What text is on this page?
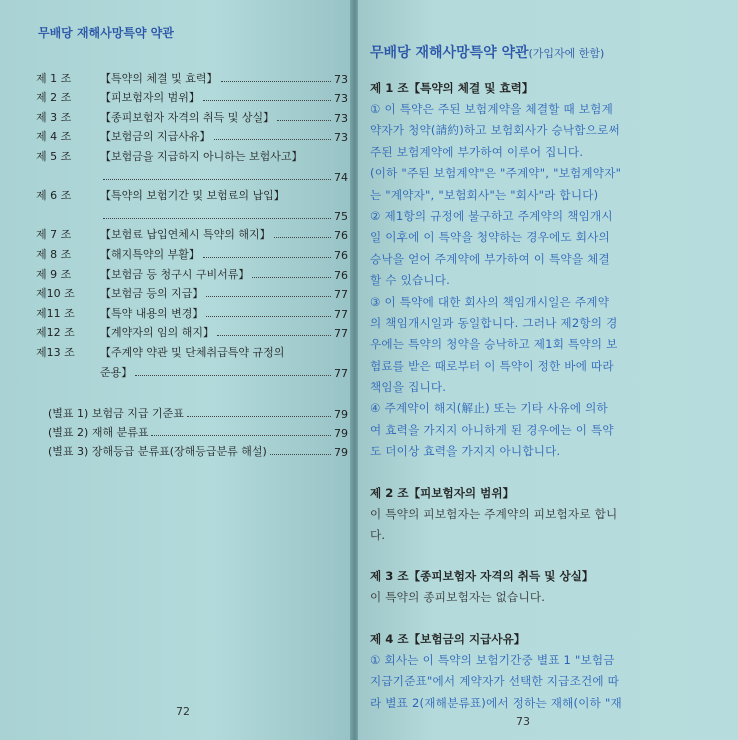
무배당 재해사망특약 약관
제 1 조	【특약의 체결 및 효력】	73
제 2 조	【피보험자의 범위】	73
제 3 조	【종피보험자 자격의 취득 및 상실】	73
제 4 조	【보험금의 지급사유】	73
제 5 조	【보험금을 지급하지 아니하는 보험사고】
74
제 6 조	【특약의 보험기간 및 보험료의 납입】
75
제 7 조	【보험료 납입연체시 특약의 해지】	76
제 8 조	【해지특약의 부활】	76
제 9 조	【보험금 등 청구시 구비서류】	76
제10 조	【보험금 등의 지급】	77
제11 조	【특약 내용의 변경】	77
제12 조	【계약자의 임의 해지】	77
제13 조	【주계약 약관 및 단체취급특약 규정의
준용】	77
(별표 1) 보험금 지급 기준표	79
(별표 2) 재해 분류표	79
(별표 3) 장해등급 분류표(장해등급분류 해설)	79
72
무배당 재해사망특약 약관(가입자에 한함)
제 1 조【특약의 체결 및 효력】
① 이 특약은 주된 보험계약을 체결할 때 보험계
약자가 청약(請約)하고 보험회사가 승낙함으로써
주된 보험계약에 부가하여 이루어 집니다.
(이하 "주된 보험계약"은 "주계약", "보험계약자"
는 "계약자", "보험회사"는 "회사"라 합니다)
② 제1항의 규정에 불구하고 주계약의 책임개시
일 이후에 이 특약을 청약하는 경우에도 회사의
승낙을 얻어 주계약에 부가하여 이 특약을 체결
할 수 있습니다.
③ 이 특약에 대한 회사의 책임개시일은 주계약
의 책임개시일과 동일합니다. 그러나 제2항의 경
우에는 특약의 청약을 승낙하고 제1회 특약의 보
험료를 받은 때로부터 이 특약이 정한 바에 따라
책임을 집니다.
④ 주계약이 해지(解止) 또는 기타 사유에 의하
여 효력을 가지지 아니하게 된 경우에는 이 특약
도 더이상 효력을 가지지 아니합니다.
제 2 조【피보험자의 범위】
이 특약의 피보험자는 주계약의 피보험자로 합니
다.
제 3 조【종피보험자 자격의 취득 및 상실】
이 특약의 종피보험자는 없습니다.
제 4 조【보험금의 지급사유】
① 회사는 이 특약의 보험기간중 별표 1 "보험금
지급기준표"에서 계약자가 선택한 지급조건에 따
라 별표 2(재해분류표)에서 정하는 재해(이하 "재
73
